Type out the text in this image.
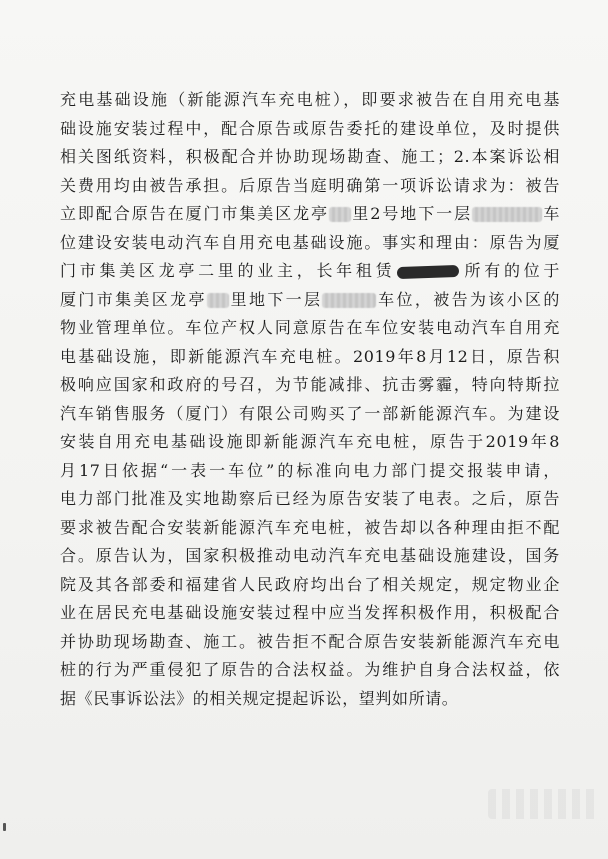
充电基础设施（新能源汽车充电桩），即要求被告在自用充电基
础设施安装过程中，配合原告或原告委托的建设单位，及时提供
相关图纸资料，积极配合并协助现场勘查、施工；2.本案诉讼相
关费用均由被告承担。后原告当庭明确第一项诉讼请求为：被告
立即配合原告在厦门市集美区龙亭 里2号地下一层	车
位建设安装电动汽车自用充电基础设施。事实和理由：原告为厦
门市集美区龙亭二里的业主，长年租赁	所有的位于
厦门市集美区龙亭 里地下一层	车位，被告为该小区的
物业管理单位。车位产权人同意原告在车位安装电动汽车自用充
电基础设施，即新能源汽车充电桩。2019年8月12日，原告积
极响应国家和政府的号召，为节能减排、抗击雾霾，特向特斯拉
汽车销售服务（厦门）有限公司购买了一部新能源汽车。为建设
安装自用充电基础设施即新能源汽车充电桩，原告于2019年8
月17日依据“一表一车位”的标准向电力部门提交报装申请，
电力部门批准及实地勘察后已经为原告安装了电表。之后，原告
要求被告配合安装新能源汽车充电桩，被告却以各种理由拒不配
合。原告认为，国家积极推动电动汽车充电基础设施建设，国务
院及其各部委和福建省人民政府均出台了相关规定，规定物业企
业在居民充电基础设施安装过程中应当发挥积极作用，积极配合
并协助现场勘查、施工。被告拒不配合原告安装新能源汽车充电
桩的行为严重侵犯了原告的合法权益。为维护自身合法权益，依
据《民事诉讼法》的相关规定提起诉讼，望判如所请。
